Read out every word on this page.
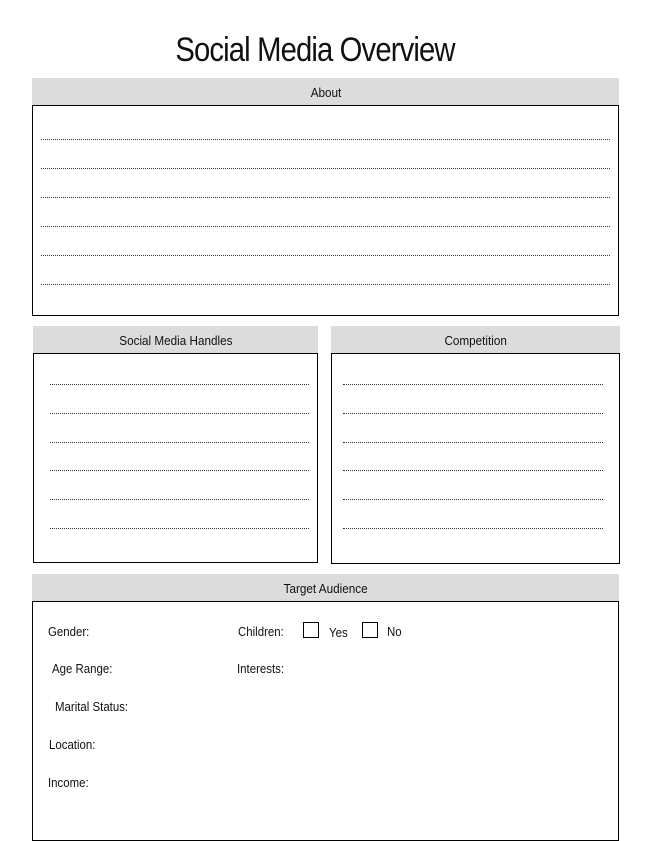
Social Media Overview
About
Social Media Handles	Competition
Target Audience
Gender:	Children:	Yes	No
Age Range:	Interests:
Marital Status:
Location:
Income:
